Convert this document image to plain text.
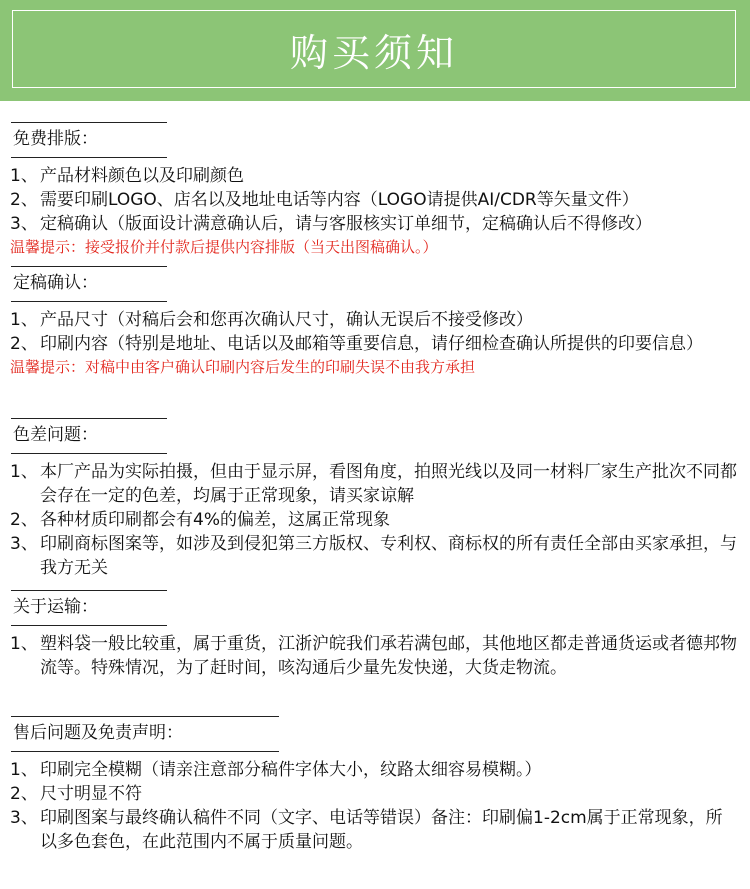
购买须知
免费排版：
1、 产品材料颜色以及印刷颜色
2、 需要印刷LOGO、店名以及地址电话等内容（LOGO请提供AI/CDR等矢量文件）
3、 定稿确认（版面设计满意确认后，请与客服核实订单细节，定稿确认后不得修改）
温馨提示：接受报价并付款后提供内容排版（当天出图稿确认。）
定稿确认：
1、 产品尺寸（对稿后会和您再次确认尺寸，确认无误后不接受修改）
2、 印刷内容（特别是地址、电话以及邮箱等重要信息，请仔细检查确认所提供的印要信息）
温馨提示：对稿中由客户确认印刷内容后发生的印刷失误不由我方承担
色差问题：
1、 本厂产品为实际拍摄，但由于显示屏，看图角度，拍照光线以及同一材料厂家生产批次不同都会存在一定的色差，均属于正常现象，请买家谅解
2、 各种材质印刷都会有4%的偏差，这属正常现象
3、 印刷商标图案等，如涉及到侵犯第三方版权、专利权、商标权的所有责任全部由买家承担，与我方无关
关于运输：
1、 塑料袋一般比较重，属于重货，江浙沪皖我们承若满包邮，其他地区都走普通货运或者德邦物流等。特殊情况，为了赶时间，咳沟通后少量先发快递，大货走物流。
售后问题及免责声明：
1、 印刷完全模糊（请亲注意部分稿件字体大小，纹路太细容易模糊。）
2、 尺寸明显不符
3、 印刷图案与最终确认稿件不同（文字、电话等错误）备注：印刷偏1-2cm属于正常现象，所以多色套色，在此范围内不属于质量问题。
